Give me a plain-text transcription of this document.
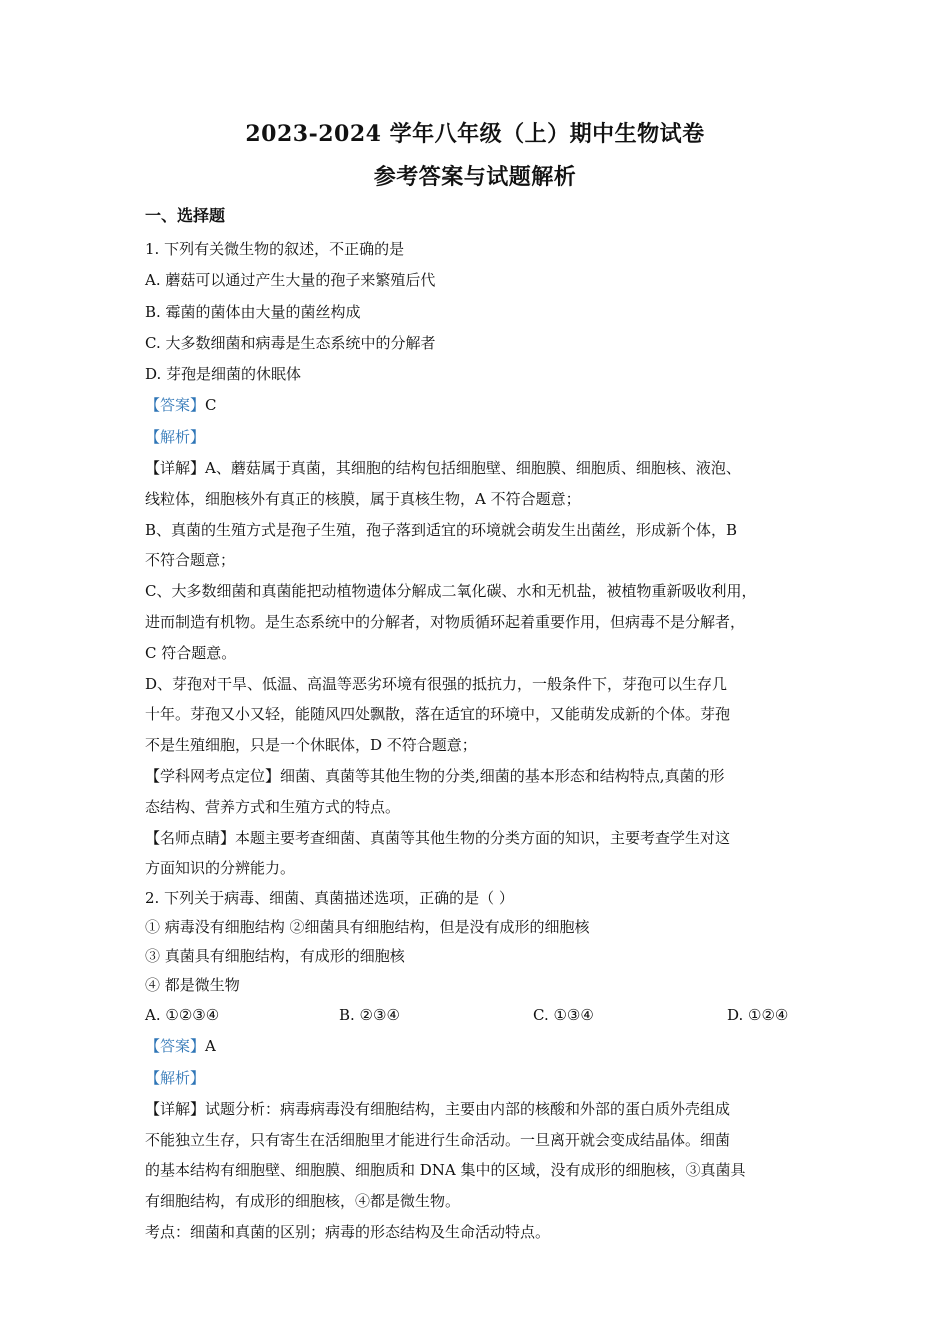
2023-2024 学年八年级（上）期中生物试卷
参考答案与试题解析
一、选择题
1. 下列有关微生物的叙述，不正确的是
A. 蘑菇可以通过产生大量的孢子来繁殖后代
B. 霉菌的菌体由大量的菌丝构成
C. 大多数细菌和病毒是生态系统中的分解者
D. 芽孢是细菌的休眠体
【答案】C
【解析】
【详解】A、蘑菇属于真菌，其细胞的结构包括细胞壁、细胞膜、细胞质、细胞核、液泡、
线粒体，细胞核外有真正的核膜，属于真核生物，A 不符合题意；
B、真菌的生殖方式是孢子生殖，孢子落到适宜的环境就会萌发生出菌丝，形成新个体，B
不符合题意；
C、大多数细菌和真菌能把动植物遗体分解成二氧化碳、水和无机盐，被植物重新吸收利用，
进而制造有机物。是生态系统中的分解者，对物质循环起着重要作用，但病毒不是分解者，
C 符合题意。
D、芽孢对干旱、低温、高温等恶劣环境有很强的抵抗力，一般条件下，芽孢可以生存几
十年。芽孢又小又轻，能随风四处飘散，落在适宜的环境中，又能萌发成新的个体。芽孢
不是生殖细胞，只是一个休眠体，D 不符合题意；
【学科网考点定位】细菌、真菌等其他生物的分类,细菌的基本形态和结构特点,真菌的形
态结构、营养方式和生殖方式的特点。
【名师点睛】本题主要考查细菌、真菌等其他生物的分类方面的知识，主要考查学生对这
方面知识的分辨能力。
2. 下列关于病毒、细菌、真菌描述选项，正确的是（ ）
① 病毒没有细胞结构 ②细菌具有细胞结构，但是没有成形的细胞核
③ 真菌具有细胞结构，有成形的细胞核
④ 都是微生物
A. ①②③④	B. ②③④	C. ①③④	D. ①②④
【答案】A
【解析】
【详解】试题分析：病毒病毒没有细胞结构，主要由内部的核酸和外部的蛋白质外壳组成
不能独立生存，只有寄生在活细胞里才能进行生命活动。一旦离开就会变成结晶体。细菌
的基本结构有细胞壁、细胞膜、细胞质和 DNA 集中的区域，没有成形的细胞核，③真菌具
有细胞结构，有成形的细胞核，④都是微生物。
考点：细菌和真菌的区别；病毒的形态结构及生命活动特点。
